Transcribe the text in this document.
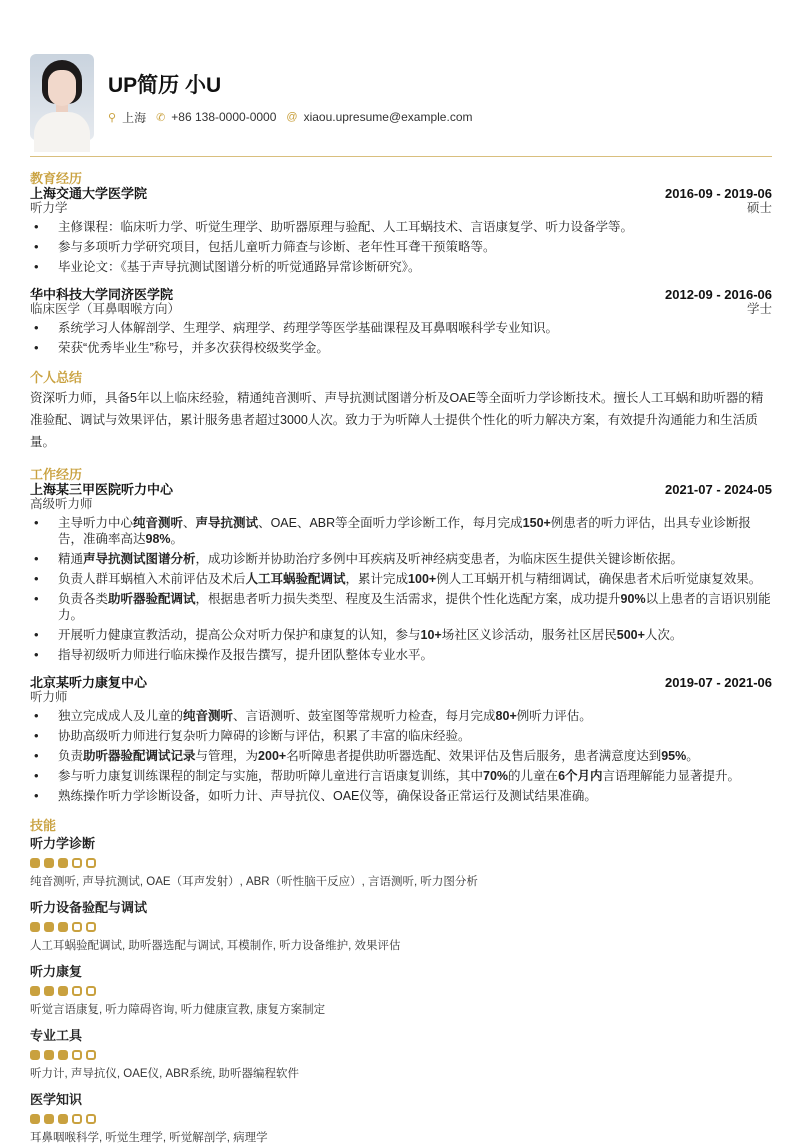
UP简历 小U
⚲ 上海 ✆ +86 138-0000-0000 @ xiaou.upresume@example.com
教育经历
上海交通大学医学院	2016-09 - 2019-06
听力学	硕士
• 主修课程：临床听力学、听觉生理学、助听器原理与验配、人工耳蜗技术、言语康复学、听力设备学等。
• 参与多项听力学研究项目，包括儿童听力筛查与诊断、老年性耳聋干预策略等。
• 毕业论文：《基于声导抗测试图谱分析的听觉通路异常诊断研究》。
华中科技大学同济医学院	2012-09 - 2016-06
临床医学（耳鼻咽喉方向）	学士
• 系统学习人体解剖学、生理学、病理学、药理学等医学基础课程及耳鼻咽喉科学专业知识。
• 荣获“优秀毕业生”称号，并多次获得校级奖学金。
个人总结
资深听力师，具备5年以上临床经验，精通纯音测听、声导抗测试图谱分析及OAE等全面听力学诊断技术。擅长人工耳蜗和助听器的精准验配、调试与效果评估，累计服务患者超过3000人次。致力于为听障人士提供个性化的听力解决方案，有效提升沟通能力和生活质量。
工作经历
上海某三甲医院听力中心	2021-07 - 2024-05
高级听力师
• 主导听力中心纯音测听、声导抗测试、OAE、ABR等全面听力学诊断工作，每月完成150+例患者的听力评估，出具专业诊断报告，准确率高达98%。
• 精通声导抗测试图谱分析，成功诊断并协助治疗多例中耳疾病及听神经病变患者，为临床医生提供关键诊断依据。
• 负责人群耳蜗植入术前评估及术后人工耳蜗验配调试，累计完成100+例人工耳蜗开机与精细调试，确保患者术后听觉康复效果。
• 负责各类助听器验配调试，根据患者听力损失类型、程度及生活需求，提供个性化选配方案，成功提升90%以上患者的言语识别能力。
• 开展听力健康宣教活动，提高公众对听力保护和康复的认知，参与10+场社区义诊活动，服务社区居民500+人次。
• 指导初级听力师进行临床操作及报告撰写，提升团队整体专业水平。
北京某听力康复中心	2019-07 - 2021-06
听力师
• 独立完成成人及儿童的纯音测听、言语测听、鼓室图等常规听力检查，每月完成80+例听力评估。
• 协助高级听力师进行复杂听力障碍的诊断与评估，积累了丰富的临床经验。
• 负责助听器验配调试记录与管理，为200+名听障患者提供助听器选配、效果评估及售后服务，患者满意度达到95%。
• 参与听力康复训练课程的制定与实施，帮助听障儿童进行言语康复训练，其中70%的儿童在6个月内言语理解能力显著提升。
• 熟练操作听力学诊断设备，如听力计、声导抗仪、OAE仪等，确保设备正常运行及测试结果准确。
技能
听力学诊断
纯音测听, 声导抗测试, OAE（耳声发射）, ABR（听性脑干反应）, 言语测听, 听力图分析
听力设备验配与调试
人工耳蜗验配调试, 助听器选配与调试, 耳模制作, 听力设备维护, 效果评估
听力康复
听觉言语康复, 听力障碍咨询, 听力健康宣教, 康复方案制定
专业工具
听力计, 声导抗仪, OAE仪, ABR系统, 助听器编程软件
医学知识
耳鼻咽喉科学, 听觉生理学, 听觉解剖学, 病理学
